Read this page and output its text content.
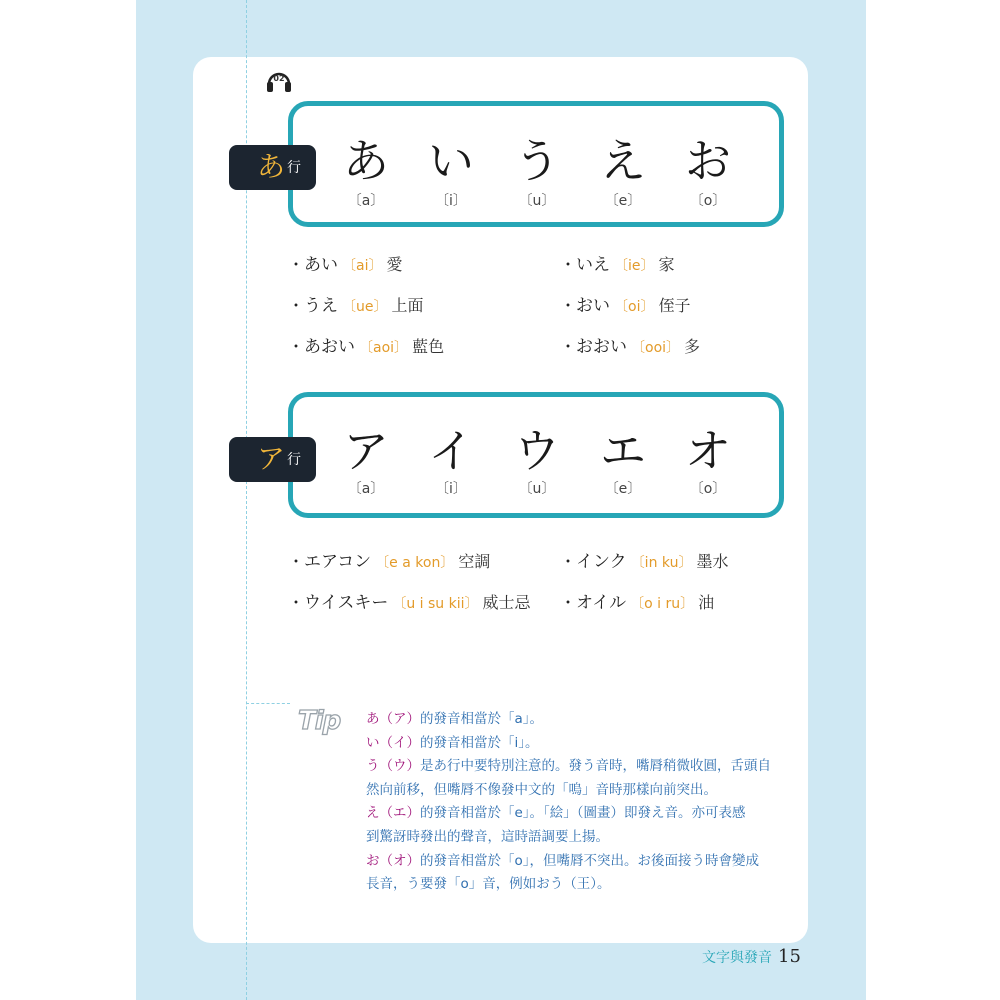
02
あ 行 あ い う え お
〔a〕	〔i〕	〔u〕	〔e〕	〔o〕
・あい 〔ai〕 愛	・いえ 〔ie〕 家
・うえ 〔ue〕 上面	・おい 〔oi〕 侄子
・あおい 〔aoi〕 藍色	・おおい 〔ooi〕 多
ア 行 ア イ ウ エ オ
〔a〕	〔i〕	〔u〕	〔e〕	〔o〕
・エアコン 〔e a kon〕 空調	・インク 〔in ku〕 墨水
・ウイスキー 〔u i su kii〕 威士忌 ・オイル 〔o i ru〕 油
Tip あ（ア）的發音相當於「a」。
い（イ）的發音相當於「i」。
う（ウ）是あ行中要特別注意的。發う音時，嘴脣稍微收圓，舌頭自
然向前移，但嘴脣不像發中文的「嗚」音時那樣向前突出。
え（エ）的發音相當於「e」。「絵」（圖畫）即發え音。亦可表感
到驚訝時發出的聲音，這時語調要上揚。
お（オ）的發音相當於「o」，但嘴脣不突出。お後面接う時會變成
長音，う要發「o」音，例如おう（王）。
文字與發音 15
